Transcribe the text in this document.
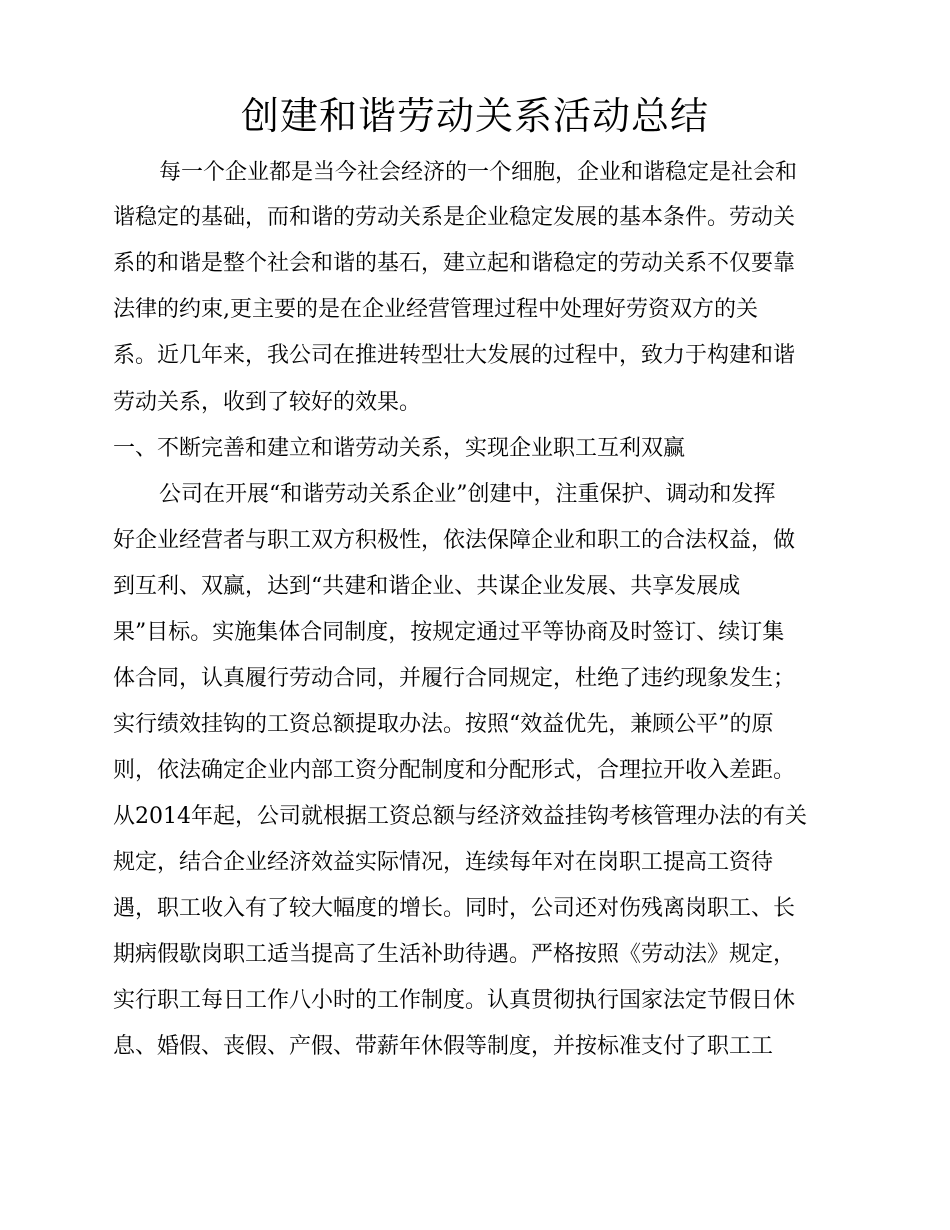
创建和谐劳动关系活动总结
每一个企业都是当今社会经济的一个细胞，企业和谐稳定是社会和
谐稳定的基础，而和谐的劳动关系是企业稳定发展的基本条件。劳动关
系的和谐是整个社会和谐的基石，建立起和谐稳定的劳动关系不仅要靠
法律的约束,更主要的是在企业经营管理过程中处理好劳资双方的关
系。近几年来，我公司在推进转型壮大发展的过程中，致力于构建和谐
劳动关系，收到了较好的效果。
一、不断完善和建立和谐劳动关系，实现企业职工互利双赢
公司在开展“和谐劳动关系企业”创建中，注重保护、调动和发挥
好企业经营者与职工双方积极性，依法保障企业和职工的合法权益，做
到互利、双赢，达到“共建和谐企业、共谋企业发展、共享发展成
果”目标。实施集体合同制度，按规定通过平等协商及时签订、续订集
体合同，认真履行劳动合同，并履行合同规定，杜绝了违约现象发生；
实行绩效挂钩的工资总额提取办法。按照“效益优先，兼顾公平”的原
则，依法确定企业内部工资分配制度和分配形式，合理拉开收入差距。
从2014年起，公司就根据工资总额与经济效益挂钩考核管理办法的有关
规定，结合企业经济效益实际情况，连续每年对在岗职工提高工资待
遇，职工收入有了较大幅度的增长。同时，公司还对伤残离岗职工、长
期病假歇岗职工适当提高了生活补助待遇。严格按照《劳动法》规定，
实行职工每日工作八小时的工作制度。认真贯彻执行国家法定节假日休
息、婚假、丧假、产假、带薪年休假等制度，并按标准支付了职工工
